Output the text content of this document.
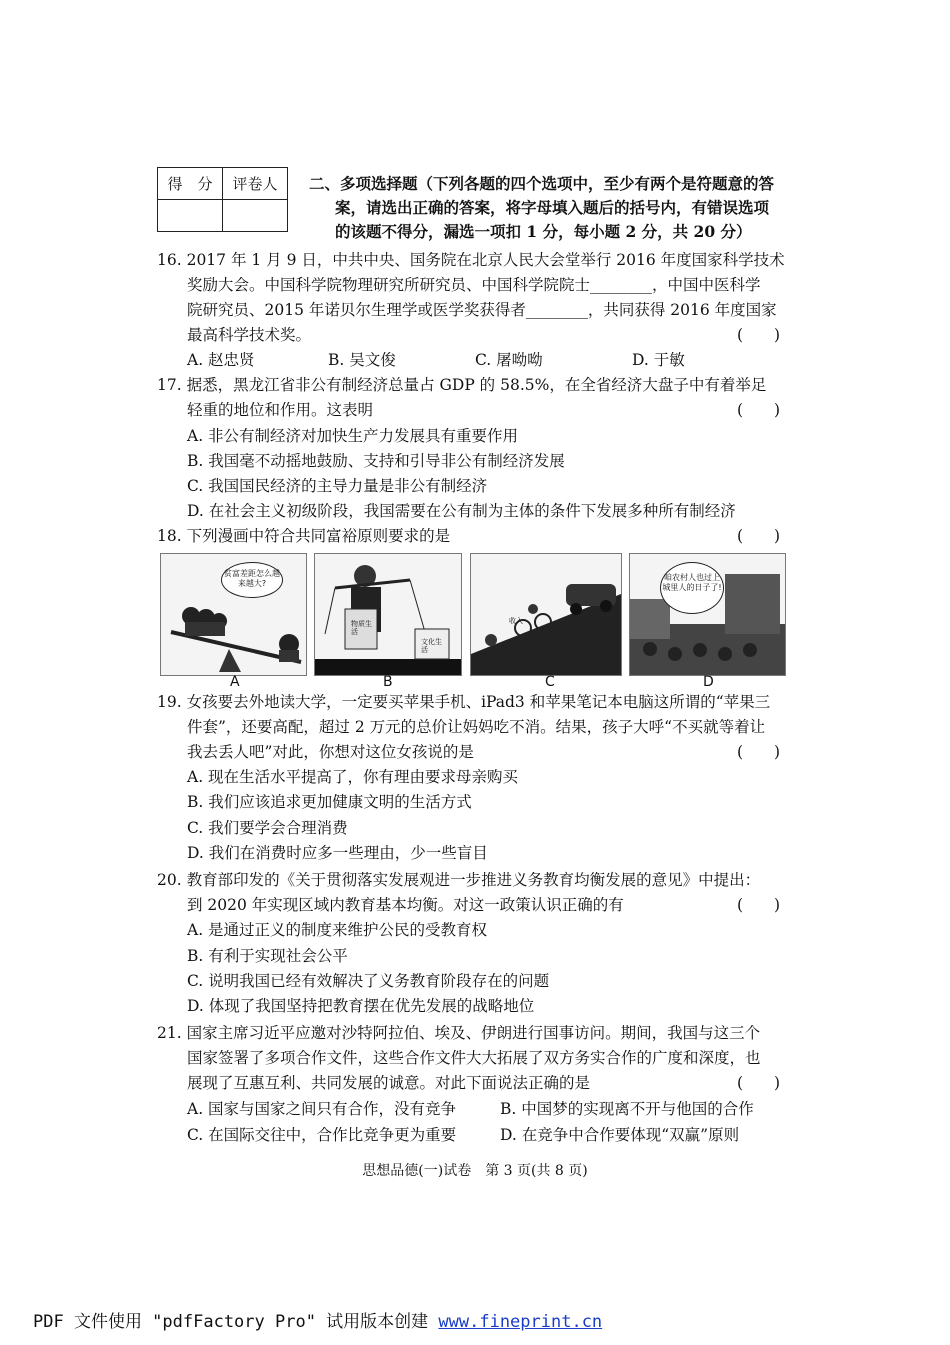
得　分	评卷人
	二、多项选择题（下列各题的四个选项中，至少有两个是符题意的答
案，请选出正确的答案，将字母填入题后的括号内，有错误选项
的该题不得分，漏选一项扣 1 分，每小题 2 分，共 20 分）
16. 2017 年 1 月 9 日，中共中央、国务院在北京人民大会堂举行 2016 年度国家科学技术
奖励大会。中国科学院物理研究所研究员、中国科学院院士________，中国中医科学
院研究员、2015 年诺贝尔生理学或医学奖获得者________，共同获得 2016 年度国家
最高科学技术奖。	(　　)
A. 赵忠贤	B. 吴文俊	C. 屠呦呦	D. 于敏
17. 据悉，黑龙江省非公有制经济总量占 GDP 的 58.5%，在全省经济大盘子中有着举足
轻重的地位和作用。这表明	(　　)
A. 非公有制经济对加快生产力发展具有重要作用
B. 我国毫不动摇地鼓励、支持和引导非公有制经济发展
C. 我国国民经济的主导力量是非公有制经济
D. 在社会主义初级阶段，我国需要在公有制为主体的条件下发展多种所有制经济
18. 下列漫画中符合共同富裕原则要求的是	(　　)
贫富差距怎么越来越大?
物质生活
文化生活
收入
咱农村人也过上城里人的日子了!
A	B	C	D
19. 女孩要去外地读大学，一定要买苹果手机、iPad3 和苹果笔记本电脑这所谓的“苹果三
件套”，还要高配，超过 2 万元的总价让妈妈吃不消。结果，孩子大呼“不买就等着让
我去丢人吧”对此，你想对这位女孩说的是	(　　)
A. 现在生活水平提高了，你有理由要求母亲购买
B. 我们应该追求更加健康文明的生活方式
C. 我们要学会合理消费
D. 我们在消费时应多一些理由，少一些盲目
20. 教育部印发的《关于贯彻落实发展观进一步推进义务教育均衡发展的意见》中提出：
到 2020 年实现区域内教育基本均衡。对这一政策认识正确的有	(　　)
A. 是通过正义的制度来维护公民的受教育权
B. 有利于实现社会公平
C. 说明我国已经有效解决了义务教育阶段存在的问题
D. 体现了我国坚持把教育摆在优先发展的战略地位
21. 国家主席习近平应邀对沙特阿拉伯、埃及、伊朗进行国事访问。期间，我国与这三个
国家签署了多项合作文件，这些合作文件大大拓展了双方务实合作的广度和深度，也
展现了互惠互利、共同发展的诚意。对此下面说法正确的是	(　　)
A. 国家与国家之间只有合作，没有竞争	B. 中国梦的实现离不开与他国的合作
C. 在国际交往中，合作比竞争更为重要	D. 在竞争中合作要体现“双赢”原则
思想品德(一)试卷　第 3 页(共 8 页)
PDF 文件使用 "pdfFactory Pro" 试用版本创建 www.fineprint.cn
